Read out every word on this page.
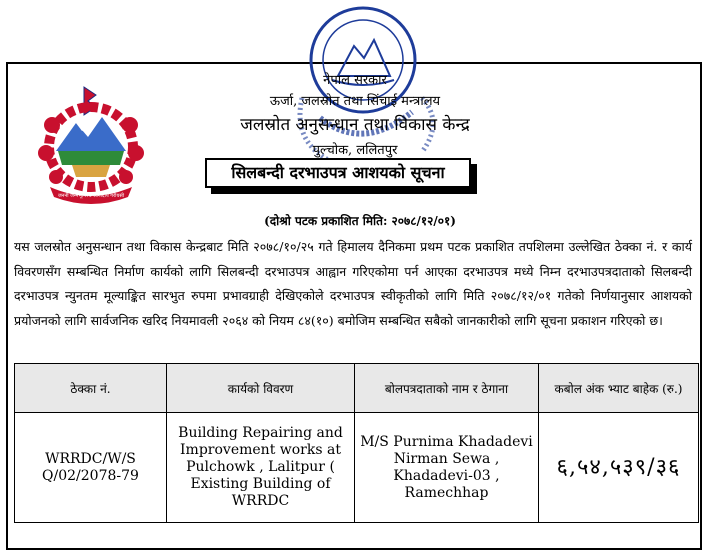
जननी जन्मभूमिश्च स्वर्गादपि गरीयसी
नेपाल सरकार
ऊर्जा, जलस्रोत तथा सिंचाई मन्त्रालय
जलस्रोत अनुसन्धान तथा विकास केन्द्र
पुल्चोक, ललितपुर
सिलबन्दी दरभाउपत्र आशयको सूचना
(दोश्रो पटक प्रकाशित मिति: २०७८/१२/०१)
यस जलस्रोत अनुसन्धान तथा विकास केन्द्रबाट मिति २०७८/१०/२५ गते हिमालय दैनिकमा प्रथम पटक प्रकाशित तपशिलमा उल्लेखित ठेक्का नं. र कार्य विवरणसँग सम्बन्धित निर्माण कार्यको लागि सिलबन्दी दरभाउपत्र आह्वान गरिएकोमा पर्न आएका दरभाउपत्र मध्ये निम्न दरभाउपत्रदाताको सिलबन्दी दरभाउपत्र न्युनतम मूल्याङ्कित सारभुत रुपमा प्रभावग्राही देखिएकोले दरभाउपत्र स्वीकृतीको लागि मिति २०७८/१२/०१ गतेको निर्णयानुसार आशयको प्रयोजनको लागि सार्वजनिक खरिद नियमावली २०६४ को नियम ८४(१०) बमोजिम सम्बन्धित सबैको जानकारीको लागि सूचना प्रकाशन गरिएको छ।
ठेक्का नं.	कार्यको विवरण	बोलपत्रदाताको नाम र ठेगाना	कबोल अंक भ्याट बाहेक (रु.)
WRRDC/W/S Q/02/2078-79	Building Repairing and Improvement works at Pulchowk , Lalitpur ( Existing Building of WRRDC	M/S Purnima Khadadevi Nirman Sewa , Khadadevi-03 , Ramechhap	६,५४,५३९/३६
